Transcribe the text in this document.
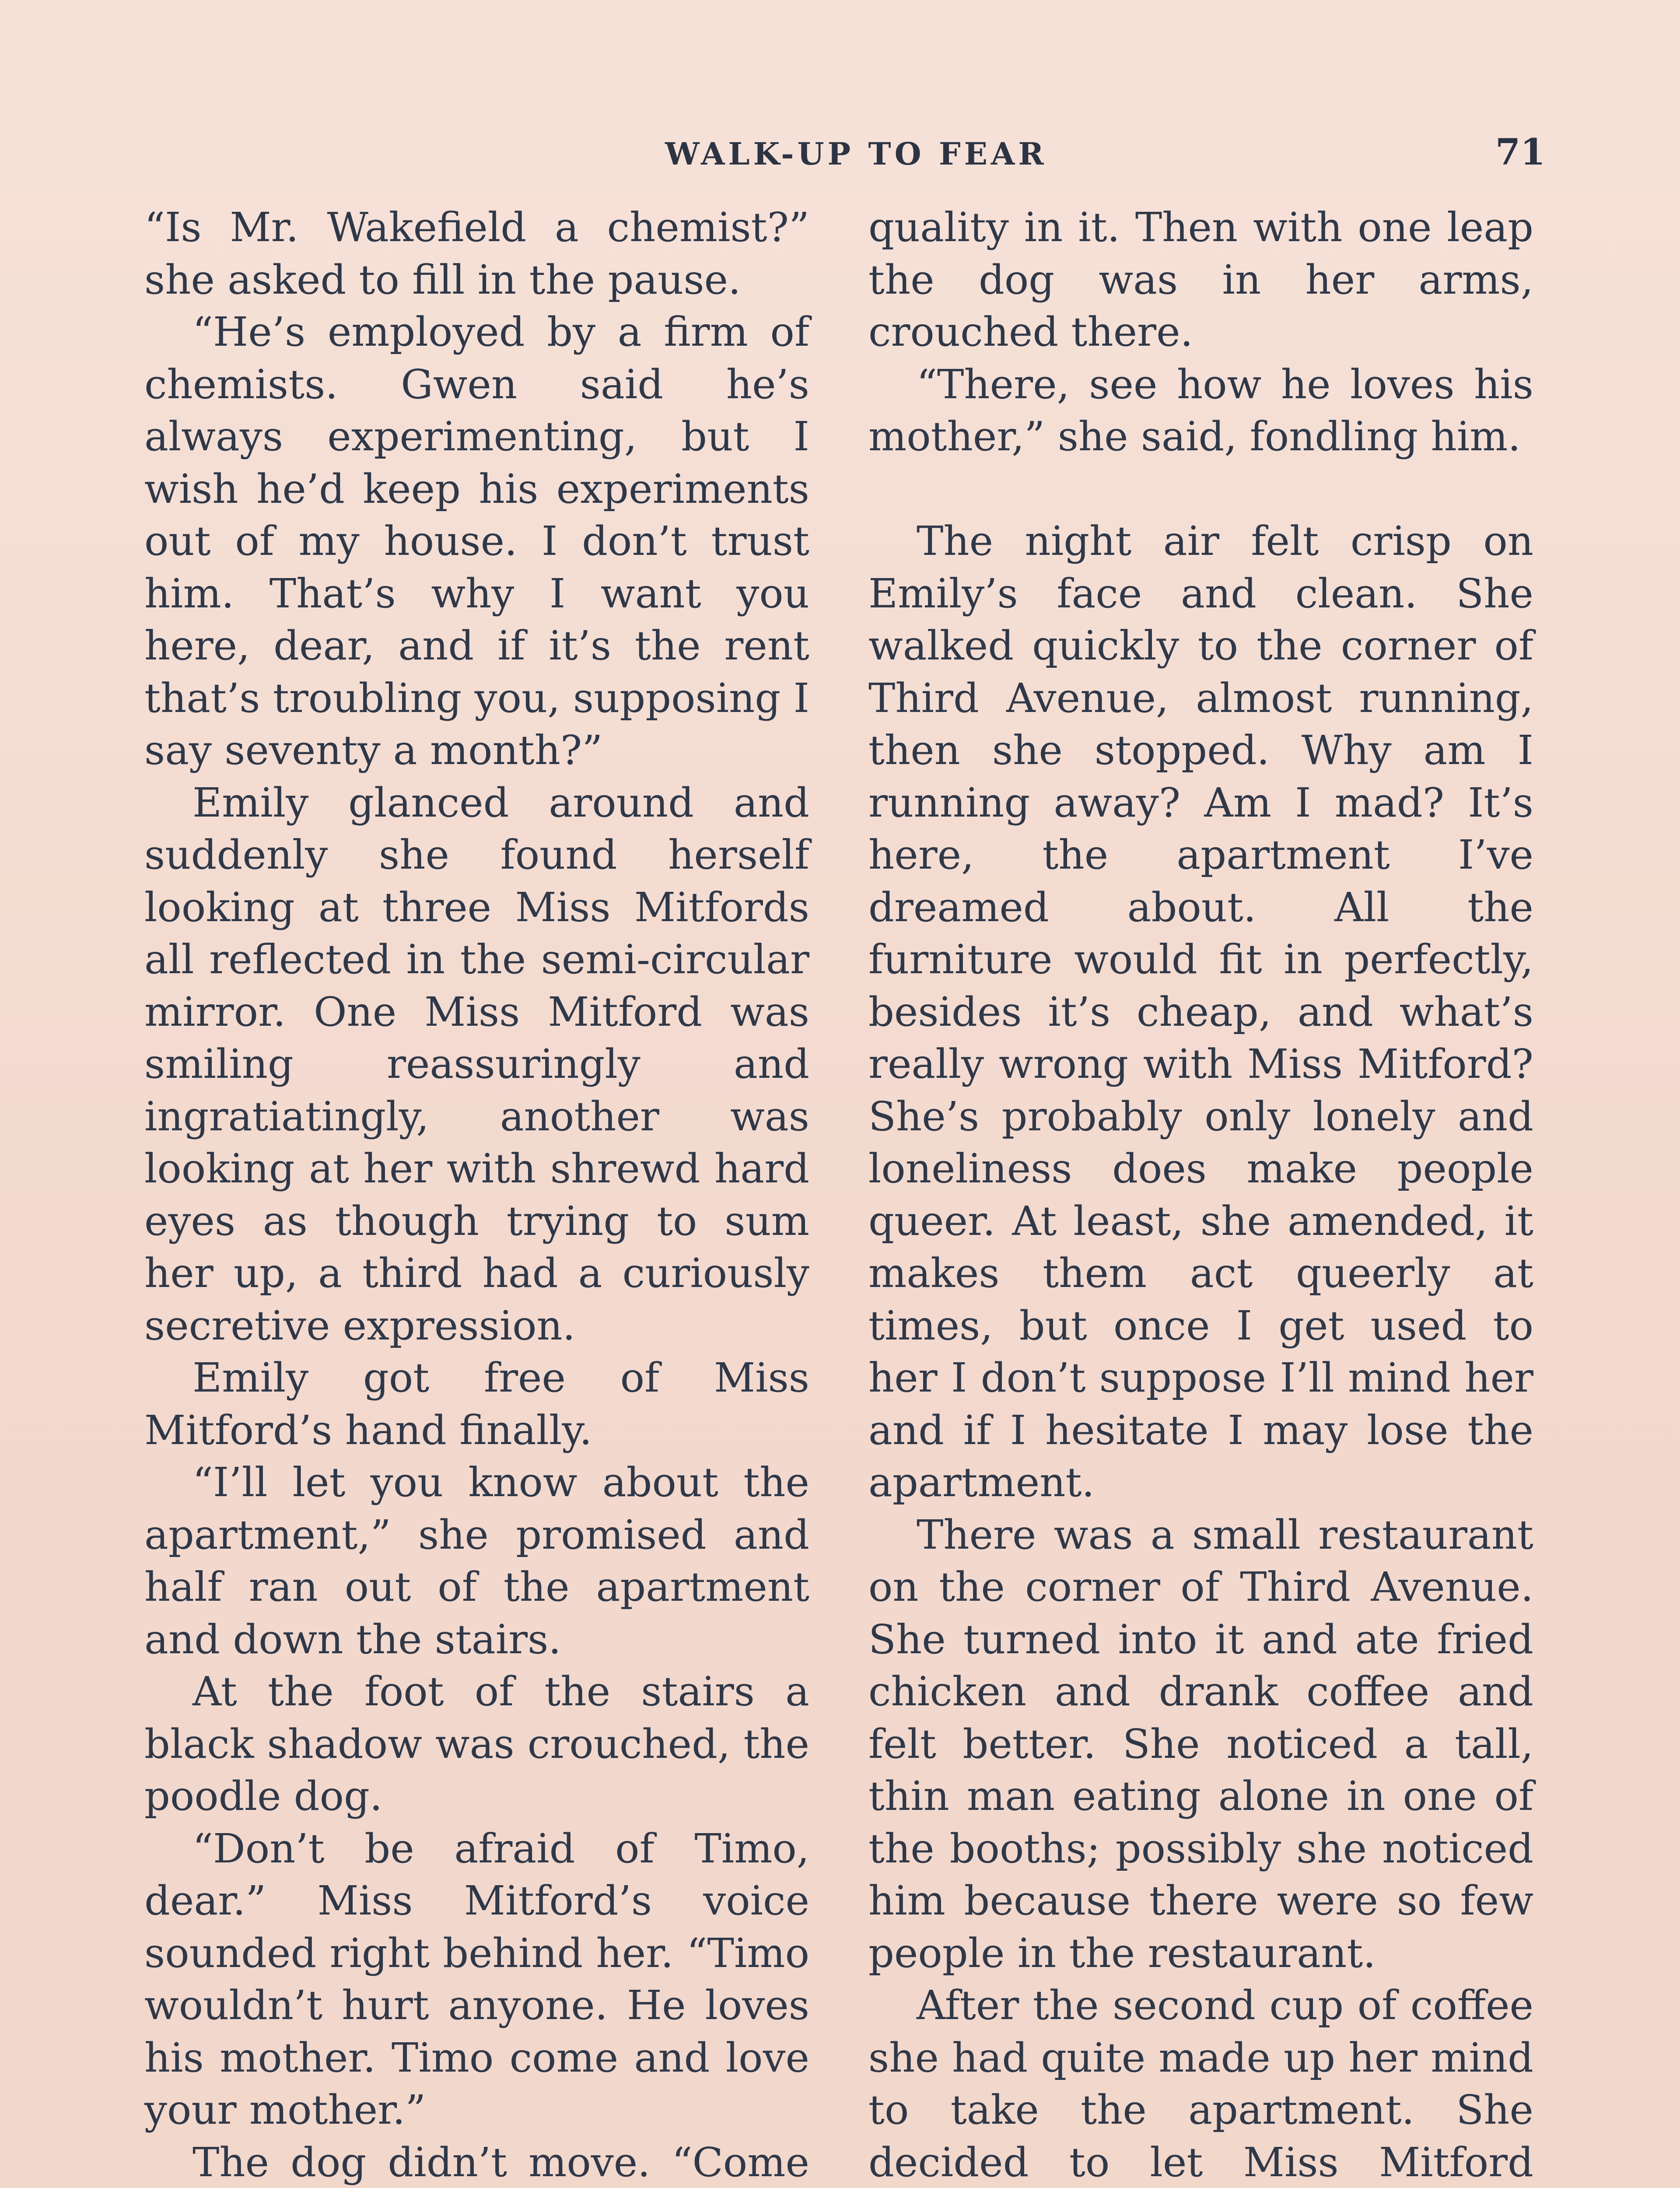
WALK-UP TO FEAR	71

“Is Mr. Wakefield a chemist?” she asked to fill in the pause.

“He’s employed by a firm of chemists. Gwen said he’s always experimenting, but I wish he’d keep his experiments out of my house. I don’t trust him. That’s why I want you here, dear, and if it’s the rent that’s troubling you, supposing I say seventy a month?”

Emily glanced around and suddenly she found herself looking at three Miss Mitfords all reflected in the semi-circular mirror. One Miss Mitford was smiling reassuringly and ingratiatingly, another was looking at her with shrewd hard eyes as though trying to sum her up, a third had a curiously secretive expression.

Emily got free of Miss Mitford’s hand finally.

“I’ll let you know about the apartment,” she promised and half ran out of the apartment and down the stairs.

At the foot of the stairs a black shadow was crouched, the poodle dog.

“Don’t be afraid of Timo, dear.” Miss Mitford’s voice sounded right behind her. “Timo wouldn’t hurt anyone. He loves his mother. Timo come and love your mother.”

The dog didn’t move. “Come

quality in it. Then with one leap the dog was in her arms, crouched there.

“There, see how he loves his mother,” she said, fondling him.

The night air felt crisp on Emily’s face and clean. She walked quickly to the corner of Third Avenue, almost running, then she stopped. Why am I running away? Am I mad? It’s here, the apartment I’ve dreamed about. All the furniture would fit in perfectly, besides it’s cheap, and what’s really wrong with Miss Mitford? She’s probably only lonely and loneliness does make people queer. At least, she amended, it makes them act queerly at times, but once I get used to her I don’t suppose I’ll mind her and if I hesitate I may lose the apartment.

There was a small restaurant on the corner of Third Avenue. She turned into it and ate fried chicken and drank coffee and felt better. She noticed a tall, thin man eating alone in one of the booths; possibly she noticed him because there were so few people in the restaurant.

After the second cup of coffee she had quite made up her mind to take the apartment. She decided to let Miss Mitford
